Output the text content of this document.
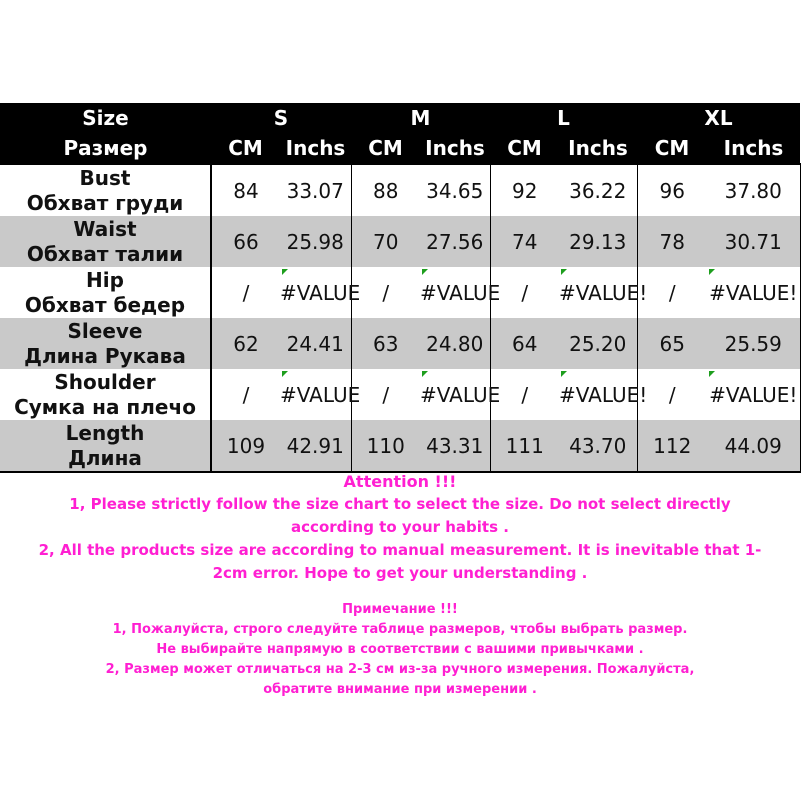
Size	S		M		L		XL	
Размер	CM	Inchs	CM	Inchs	CM	Inchs	CM	Inchs

Bust
Обхват груди	84	33.07	88	34.65	92	36.22	96	37.80

Waist
Обхват талии	66	25.98	70	27.56	74	29.13	78	30.71

Hip
Обхват бедер	/	#VALUE	/	#VALUE	/	#VALUE!	/	#VALUE!

Sleeve
Длина Рукава	62	24.41	63	24.80	64	25.20	65	25.59

Shoulder
Сумка на плечо	/	#VALUE	/	#VALUE	/	#VALUE!	/	#VALUE!

Length
Длина	109	42.91	110	43.31	111	43.70	112	44.09

Attention !!!

1, Please strictly follow the size chart to select the size. Do not select directly

according to your habits .

2, All the products size are according to manual measurement. It is inevitable that 1-

2cm error. Hope to get your understanding .

Примечание !!!

1, Пожалуйста, строго следуйте таблице размеров, чтобы выбрать размер.

Не выбирайте напрямую в соответствии с вашими привычками .

2, Размер может отличаться на 2-3 см из-за ручного измерения. Пожалуйста,

обратите внимание при измерении .
